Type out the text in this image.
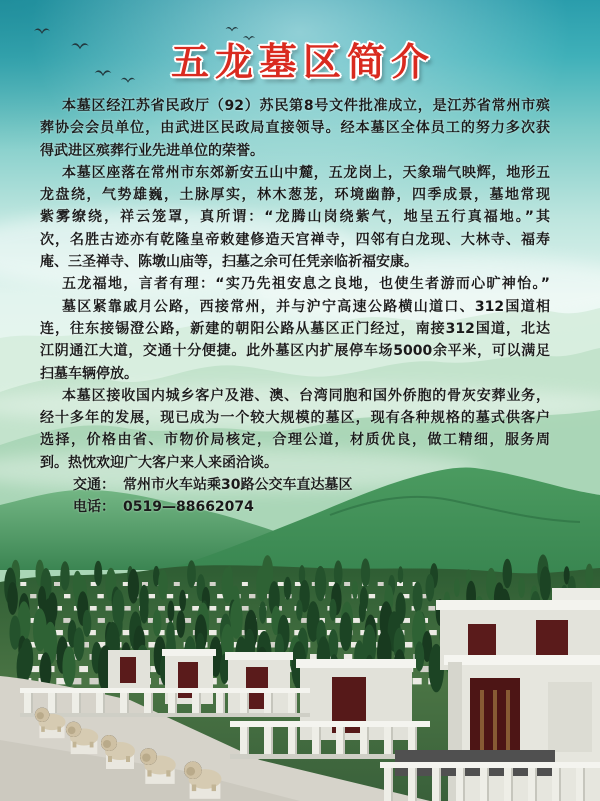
五龙墓区简介
本墓区经江苏省民政厅（92）苏民第8号文件批准成立，是江苏省常州市殡
葬协会会员单位，由武进区民政局直接领导。经本墓区全体员工的努力多次获
得武进区殡葬行业先进单位的荣誉。
本墓区座落在常州市东郊新安五山中麓，五龙岗上，天象瑞气映辉，地形五
龙盘绕，气势雄巍，土脉厚实，林木葱茏，环境幽静，四季成景，墓地常现
紫雾缭绕，祥云笼罩，真所谓：“龙腾山岗绕紫气，地呈五行真福地。”其
次，名胜古迹亦有乾隆皇帝敕建修造天宫禅寺，四邻有白龙现、大林寺、福寿
庵、三圣禅寺、陈墩山庙等，扫墓之余可任凭亲临祈福安康。
五龙福地，言者有理：“实乃先祖安息之良地，也使生者游而心旷神怡。”
墓区紧靠戚月公路，西接常州，并与沪宁高速公路横山道口、312国道相
连，往东接锡澄公路，新建的朝阳公路从墓区正门经过，南接312国道，北达
江阴通江大道，交通十分便捷。此外墓区内扩展停车场5000余平米，可以满足
扫墓车辆停放。
本墓区接收国内城乡客户及港、澳、台湾同胞和国外侨胞的骨灰安葬业务，
经十多年的发展，现已成为一个较大规模的墓区，现有各种规格的墓式供客户
选择，价格由省、市物价局核定，合理公道，材质优良，做工精细，服务周
到。热忱欢迎广大客户来人来函洽谈。
交通： 常州市火车站乘30路公交车直达墓区
电话： 0519—88662074
